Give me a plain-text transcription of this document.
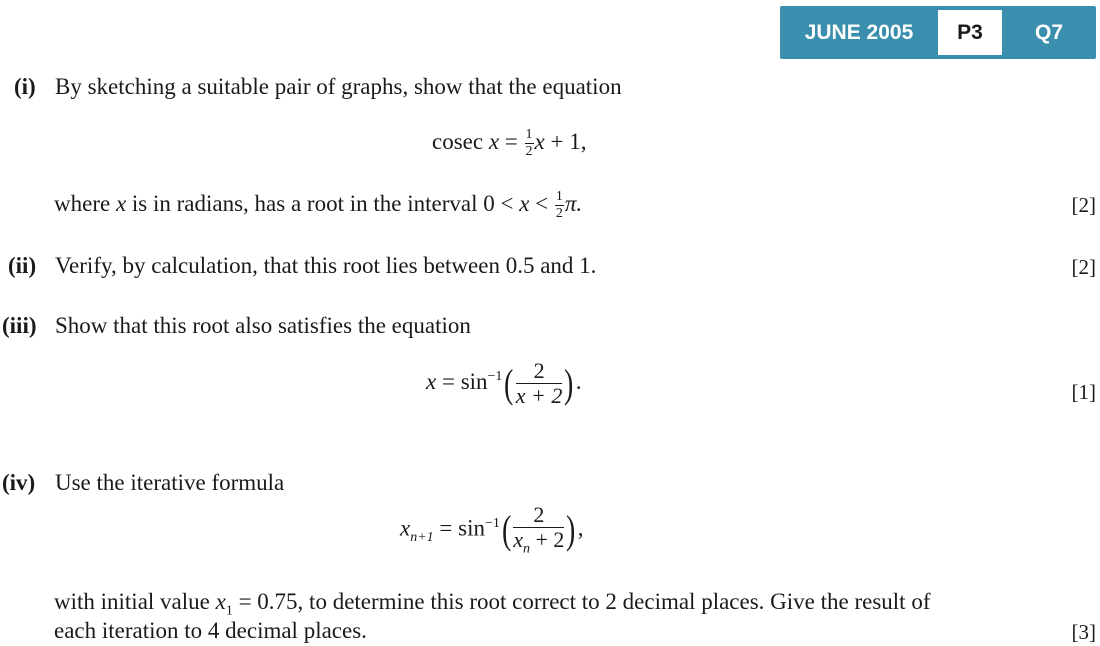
JUNE 2005	P3	Q7
(i) By sketching a suitable pair of graphs, show that the equation
cosec $x = \frac{1}{2}$ x + 1,
where x is in radians, has a root in the interval $0 < x < \frac{1}{2} \pi$.	[2]
(ii) Verify, by calculation, that this root lies between 0.5 and 1.	[2]
(iii) Show that this root also satisfies the equation
$x = \sin^{-1}( \frac{2}{x + 2}$ ).	[1]
(iv) Use the iterative formula
$x_{n+1} = \sin^{-1}( \frac{2}{x_n + 2}$ ),
with initial value $x_1 = 0.75$, to determine this root correct to 2 decimal places. Give the result of
each iteration to 4 decimal places.	[3]
